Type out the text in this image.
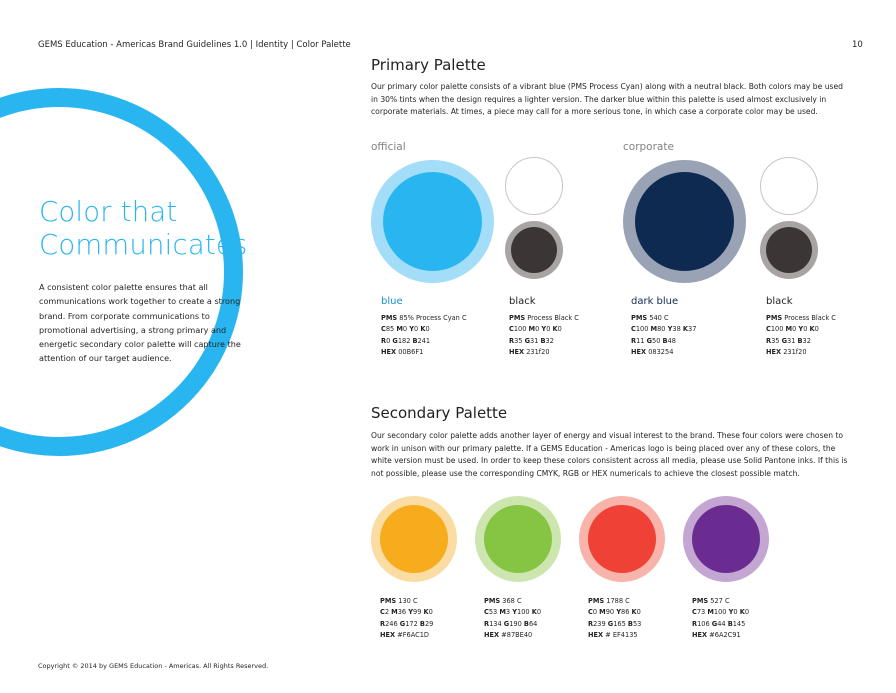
GEMS Education - Americas Brand Guidelines 1.0 | Identity | Color Palette	10
Copyright © 2014 by GEMS Education - Americas. All Rights Reserved.
Color that
Communicates
A consistent color palette ensures that all communications work together to create a strong brand. From corporate communications to promotional advertising, a strong primary and energetic secondary color palette will capture the attention of our target audience.
Primary Palette
Our primary color palette consists of a vibrant blue (PMS Process Cyan) along with a neutral black. Both colors may be used in 30% tints when the design requires a lighter version. The darker blue within this palette is used almost exclusively in corporate materials. At times, a piece may call for a more serious tone, in which case a corporate color may be used.
official	corporate
blue
PMS 85% Process Cyan C
C85 M0 Y0 K0
R0 G182 B241
HEX 00B6F1
black
PMS Process Black C
C100 M0 Y0 K0
R35 G31 B32
HEX 231f20
dark blue
PMS 540 C
C100 M80 Y38 K37
R11 G50 B48
HEX 083254
black
PMS Process Black C
C100 M0 Y0 K0
R35 G31 B32
HEX 231f20
Secondary Palette
Our secondary color palette adds another layer of energy and visual interest to the brand. These four colors were chosen to work in unison with our primary palette. If a GEMS Education - Americas logo is being placed over any of these colors, the white version must be used. In order to keep these colors consistent across all media, please use Solid Pantone inks. If this is not possible, please use the corresponding CMYK, RGB or HEX numericals to achieve the closest possible match.
PMS 130 C
C2 M36 Y99 K0
R246 G172 B29
HEX #F6AC1D
PMS 368 C
C53 M3 Y100 K0
R134 G190 B64
HEX #87BE40
PMS 1788 C
C0 M90 Y86 K0
R239 G165 B53
HEX # EF4135
PMS 527 C
C73 M100 Y0 K0
R106 G44 B145
HEX #6A2C91
